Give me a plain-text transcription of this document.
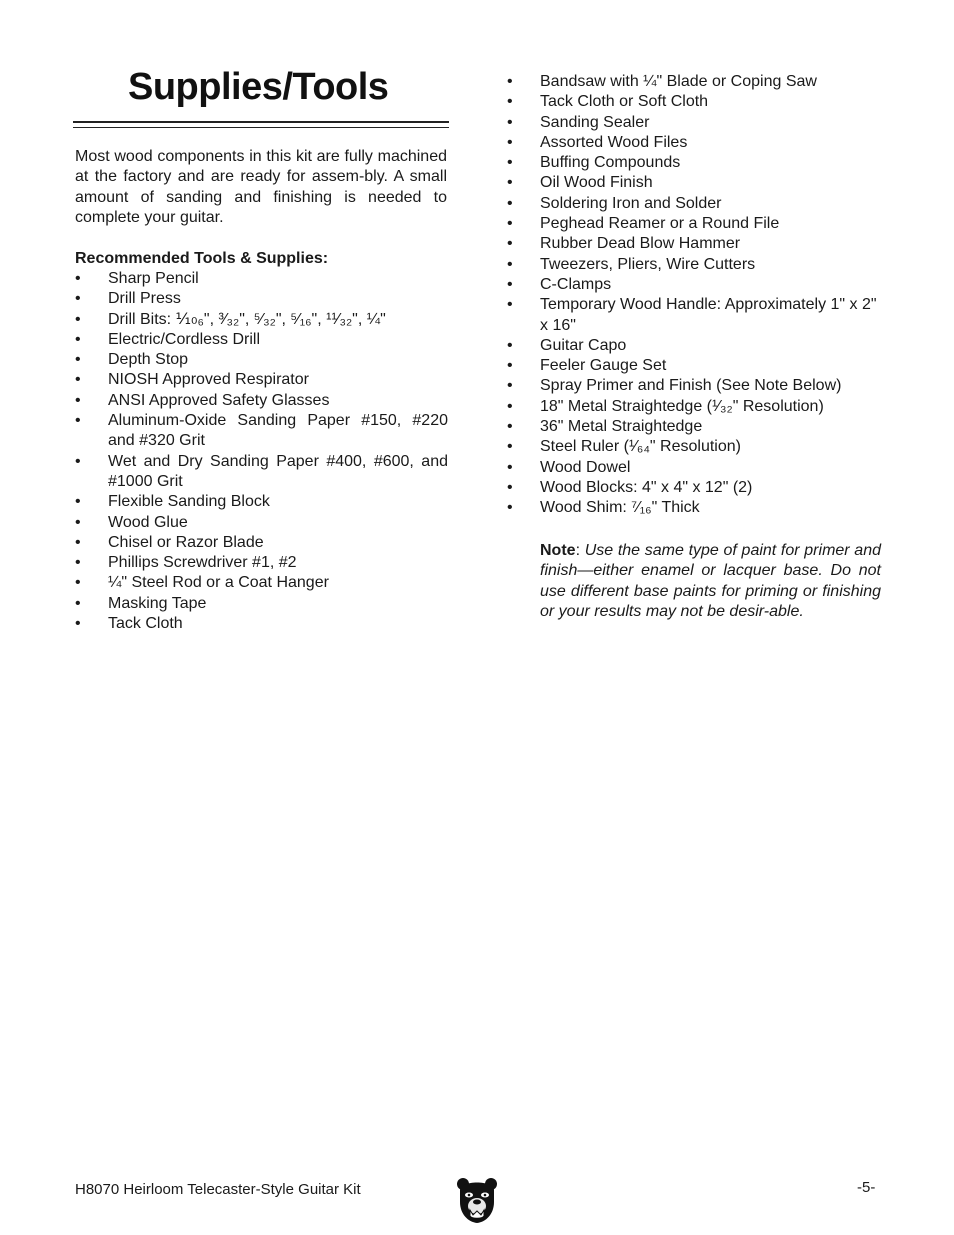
Supplies/Tools

Most wood components in this kit are fully machined at the factory and are ready for assem-bly. A small amount of sanding and finishing is needed to complete your guitar.

Recommended Tools & Supplies:

•	Sharp Pencil
•	Drill Press
•	Drill Bits: ⅒₆", ³⁄₃₂", ⁵⁄₃₂", ⁵⁄₁₆", ¹¹⁄₃₂", ¼"
•	Electric/Cordless Drill
•	Depth Stop
•	NIOSH Approved Respirator
•	ANSI Approved Safety Glasses
•	Aluminum-Oxide Sanding Paper #150, #220 and #320 Grit
•	Wet and Dry Sanding Paper #400, #600, and #1000 Grit
•	Flexible Sanding Block
•	Wood Glue
•	Chisel or Razor Blade
•	Phillips Screwdriver #1, #2
•	¼" Steel Rod or a Coat Hanger
•	Masking Tape
•	Tack Cloth
•	Bandsaw with ¼" Blade or Coping Saw
•	Tack Cloth or Soft Cloth
•	Sanding Sealer
•	Assorted Wood Files
•	Buffing Compounds
•	Oil Wood Finish
•	Soldering Iron and Solder
•	Peghead Reamer or a Round File
•	Rubber Dead Blow Hammer
•	Tweezers, Pliers, Wire Cutters
•	C-Clamps
•	Temporary Wood Handle: Approximately 1" x 2" x 16"
•	Guitar Capo
•	Feeler Gauge Set
•	Spray Primer and Finish (See Note Below)
•	18" Metal Straightedge (¹⁄₃₂" Resolution)
•	36" Metal Straightedge
•	Steel Ruler (¹⁄₆₄" Resolution)
•	Wood Dowel
•	Wood Blocks: 4" x 4" x 12" (2)
•	Wood Shim: ⁷⁄₁₆" Thick

Note: Use the same type of paint for primer and finish—either enamel or lacquer base. Do not use different base paints for priming or finishing or your results may not be desir-able.

H8070 Heirloom Telecaster-Style Guitar Kit	-5-
